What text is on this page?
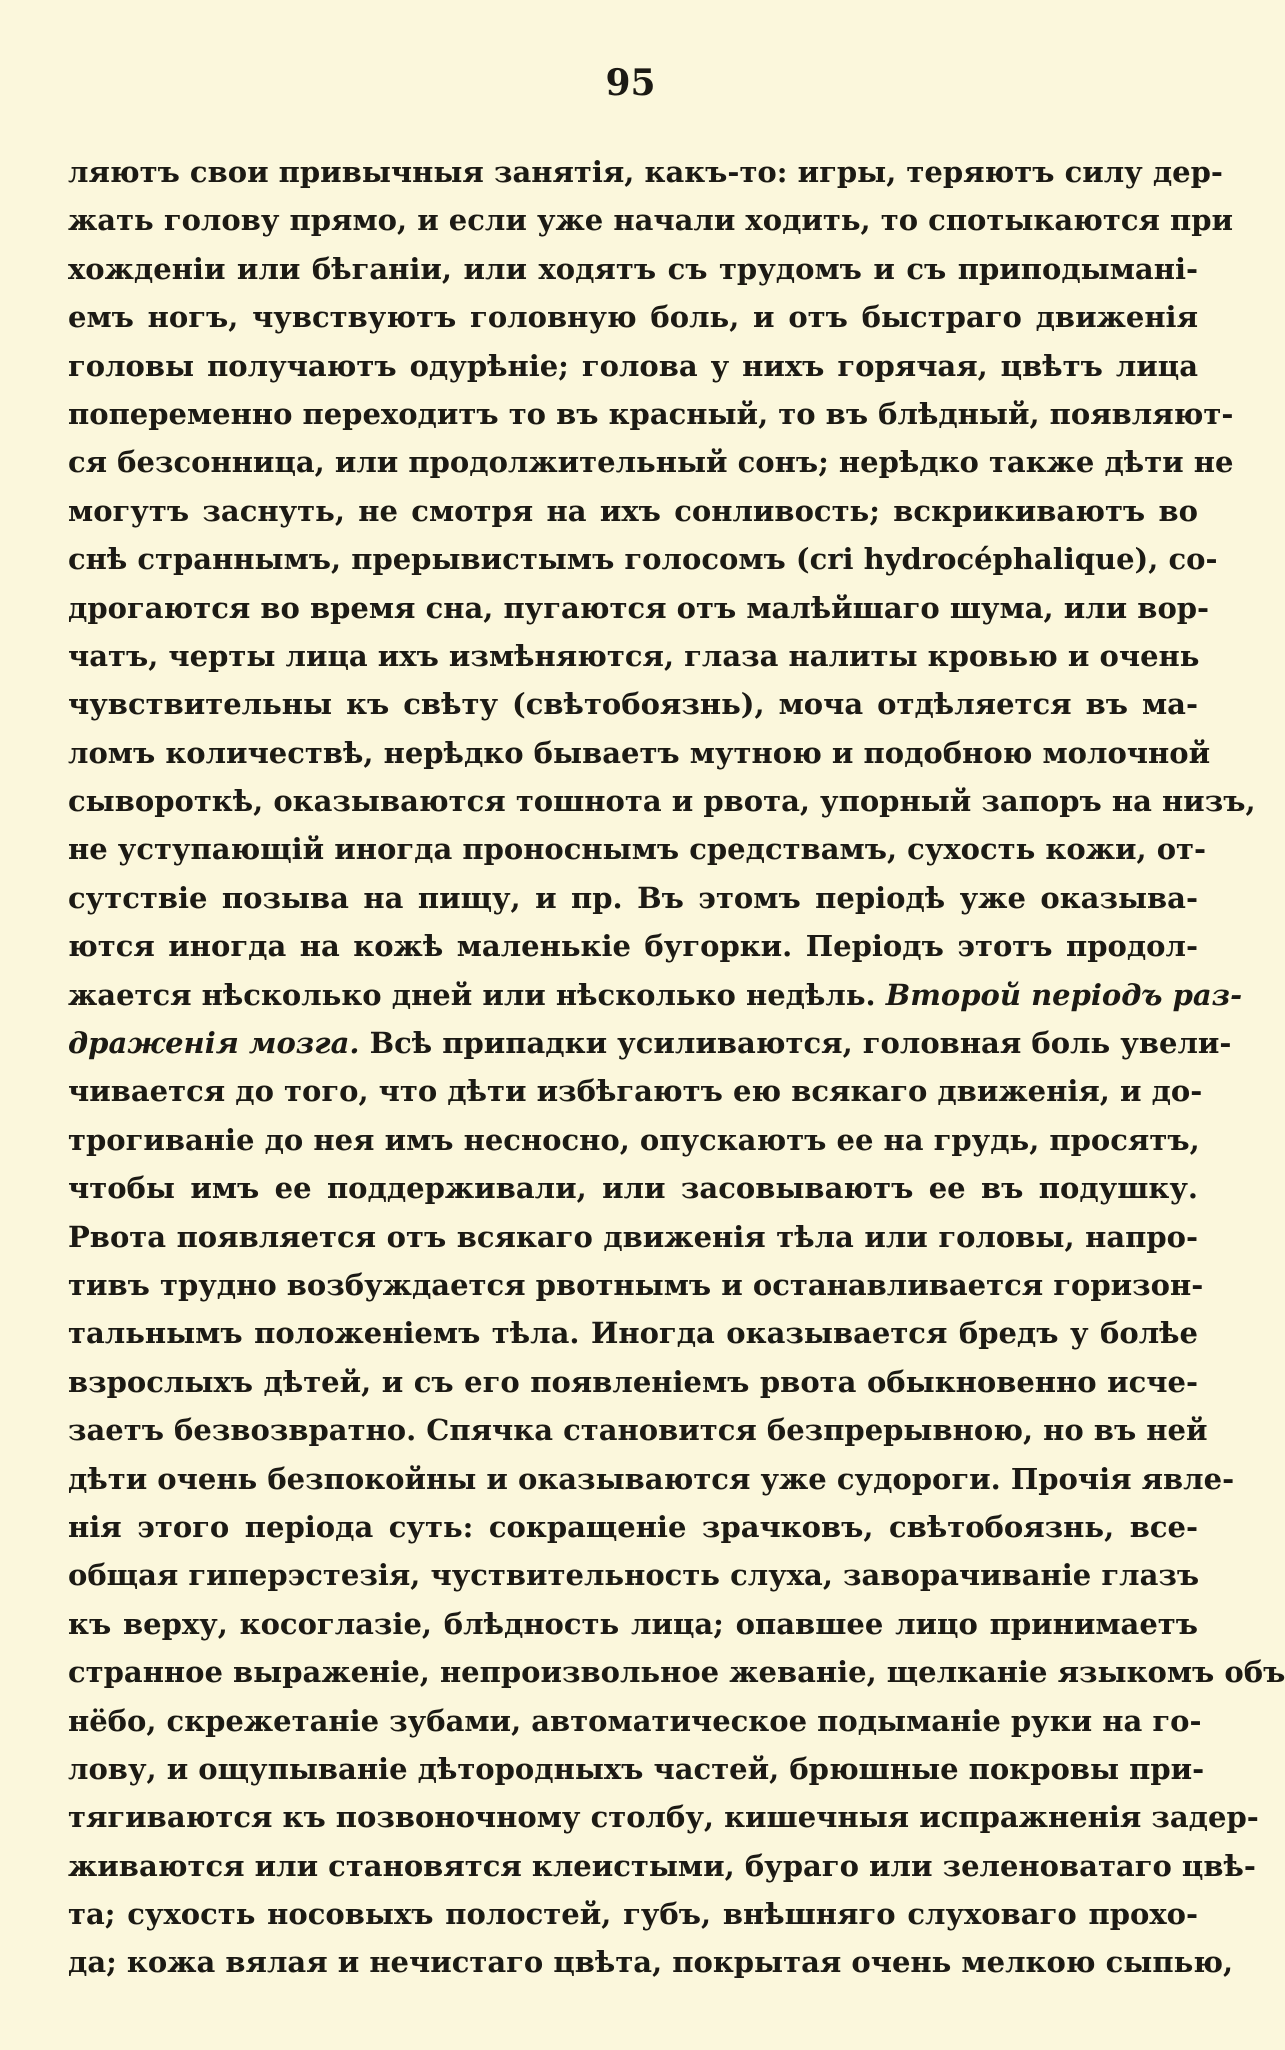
95
ляютъ свои привычныя занятія, какъ-то: игры, теряютъ силу дер-
жать голову прямо, и если уже начали ходить, то спотыкаются при
хожденіи или бѣганіи, или ходятъ съ трудомъ и съ приподымані-
емъ ногъ, чувствуютъ головную боль, и отъ быстраго движенія
головы получаютъ одурѣніе; голова у нихъ горячая, цвѣтъ лица
попеременно переходитъ то въ красный, то въ блѣдный, появляют-
ся безсонница, или продолжительный сонъ; нерѣдко также дѣти не
могутъ заснуть, не смотря на ихъ сонливость; вскрикиваютъ во
снѣ страннымъ, прерывистымъ голосомъ (cri hydrocéphalique), со-
дрогаются во время сна, пугаются отъ малѣйшаго шума, или вор-
чатъ, черты лица ихъ измѣняются, глаза налиты кровью и очень
чувствительны къ свѣту (свѣтобоязнь), моча отдѣляется въ ма-
ломъ количествѣ, нерѣдко бываетъ мутною и подобною молочной
сывороткѣ, оказываются тошнота и рвота, упорный запоръ на низъ,
не уступающій иногда проноснымъ средствамъ, сухость кожи, от-
сутствіе позыва на пищу, и пр. Въ этомъ періодѣ уже оказыва-
ются иногда на кожѣ маленькіе бугорки. Періодъ этотъ продол-
жается нѣсколько дней или нѣсколько недѣль. Второй періодъ раз-
драженія мозга. Всѣ припадки усиливаются, головная боль увели-
чивается до того, что дѣти избѣгаютъ ею всякаго движенія, и до-
трогиваніе до нея имъ несносно, опускаютъ ее на грудь, просятъ,
чтобы имъ ее поддерживали, или засовываютъ ее въ подушку.
Рвота появляется отъ всякаго движенія тѣла или головы, напро-
тивъ трудно возбуждается рвотнымъ и останавливается горизон-
тальнымъ положеніемъ тѣла. Иногда оказывается бредъ у болѣе
взрослыхъ дѣтей, и съ его появленіемъ рвота обыкновенно исче-
заетъ безвозвратно. Спячка становится безпрерывною, но въ ней
дѣти очень безпокойны и оказываются уже судороги. Прочія явле-
нія этого періода суть: сокращеніе зрачковъ, свѣтобоязнь, все-
общая гиперэстезія, чуствительность слуха, заворачиваніе глазъ
къ верху, косоглазіе, блѣдность лица; опавшее лицо принимаетъ
странное выраженіе, непроизвольное жеваніе, щелканіе языкомъ объ
нёбо, скрежетаніе зубами, автоматическое подыманіе руки на го-
лову, и ощупываніе дѣтородныхъ частей, брюшные покровы при-
тягиваются къ позвоночному столбу, кишечныя испражненія задер-
живаются или становятся клеистыми, бураго или зеленоватаго цвѣ-
та; сухость носовыхъ полостей, губъ, внѣшняго слуховаго прохо-
да; кожа вялая и нечистаго цвѣта, покрытая очень мелкою сыпью,
